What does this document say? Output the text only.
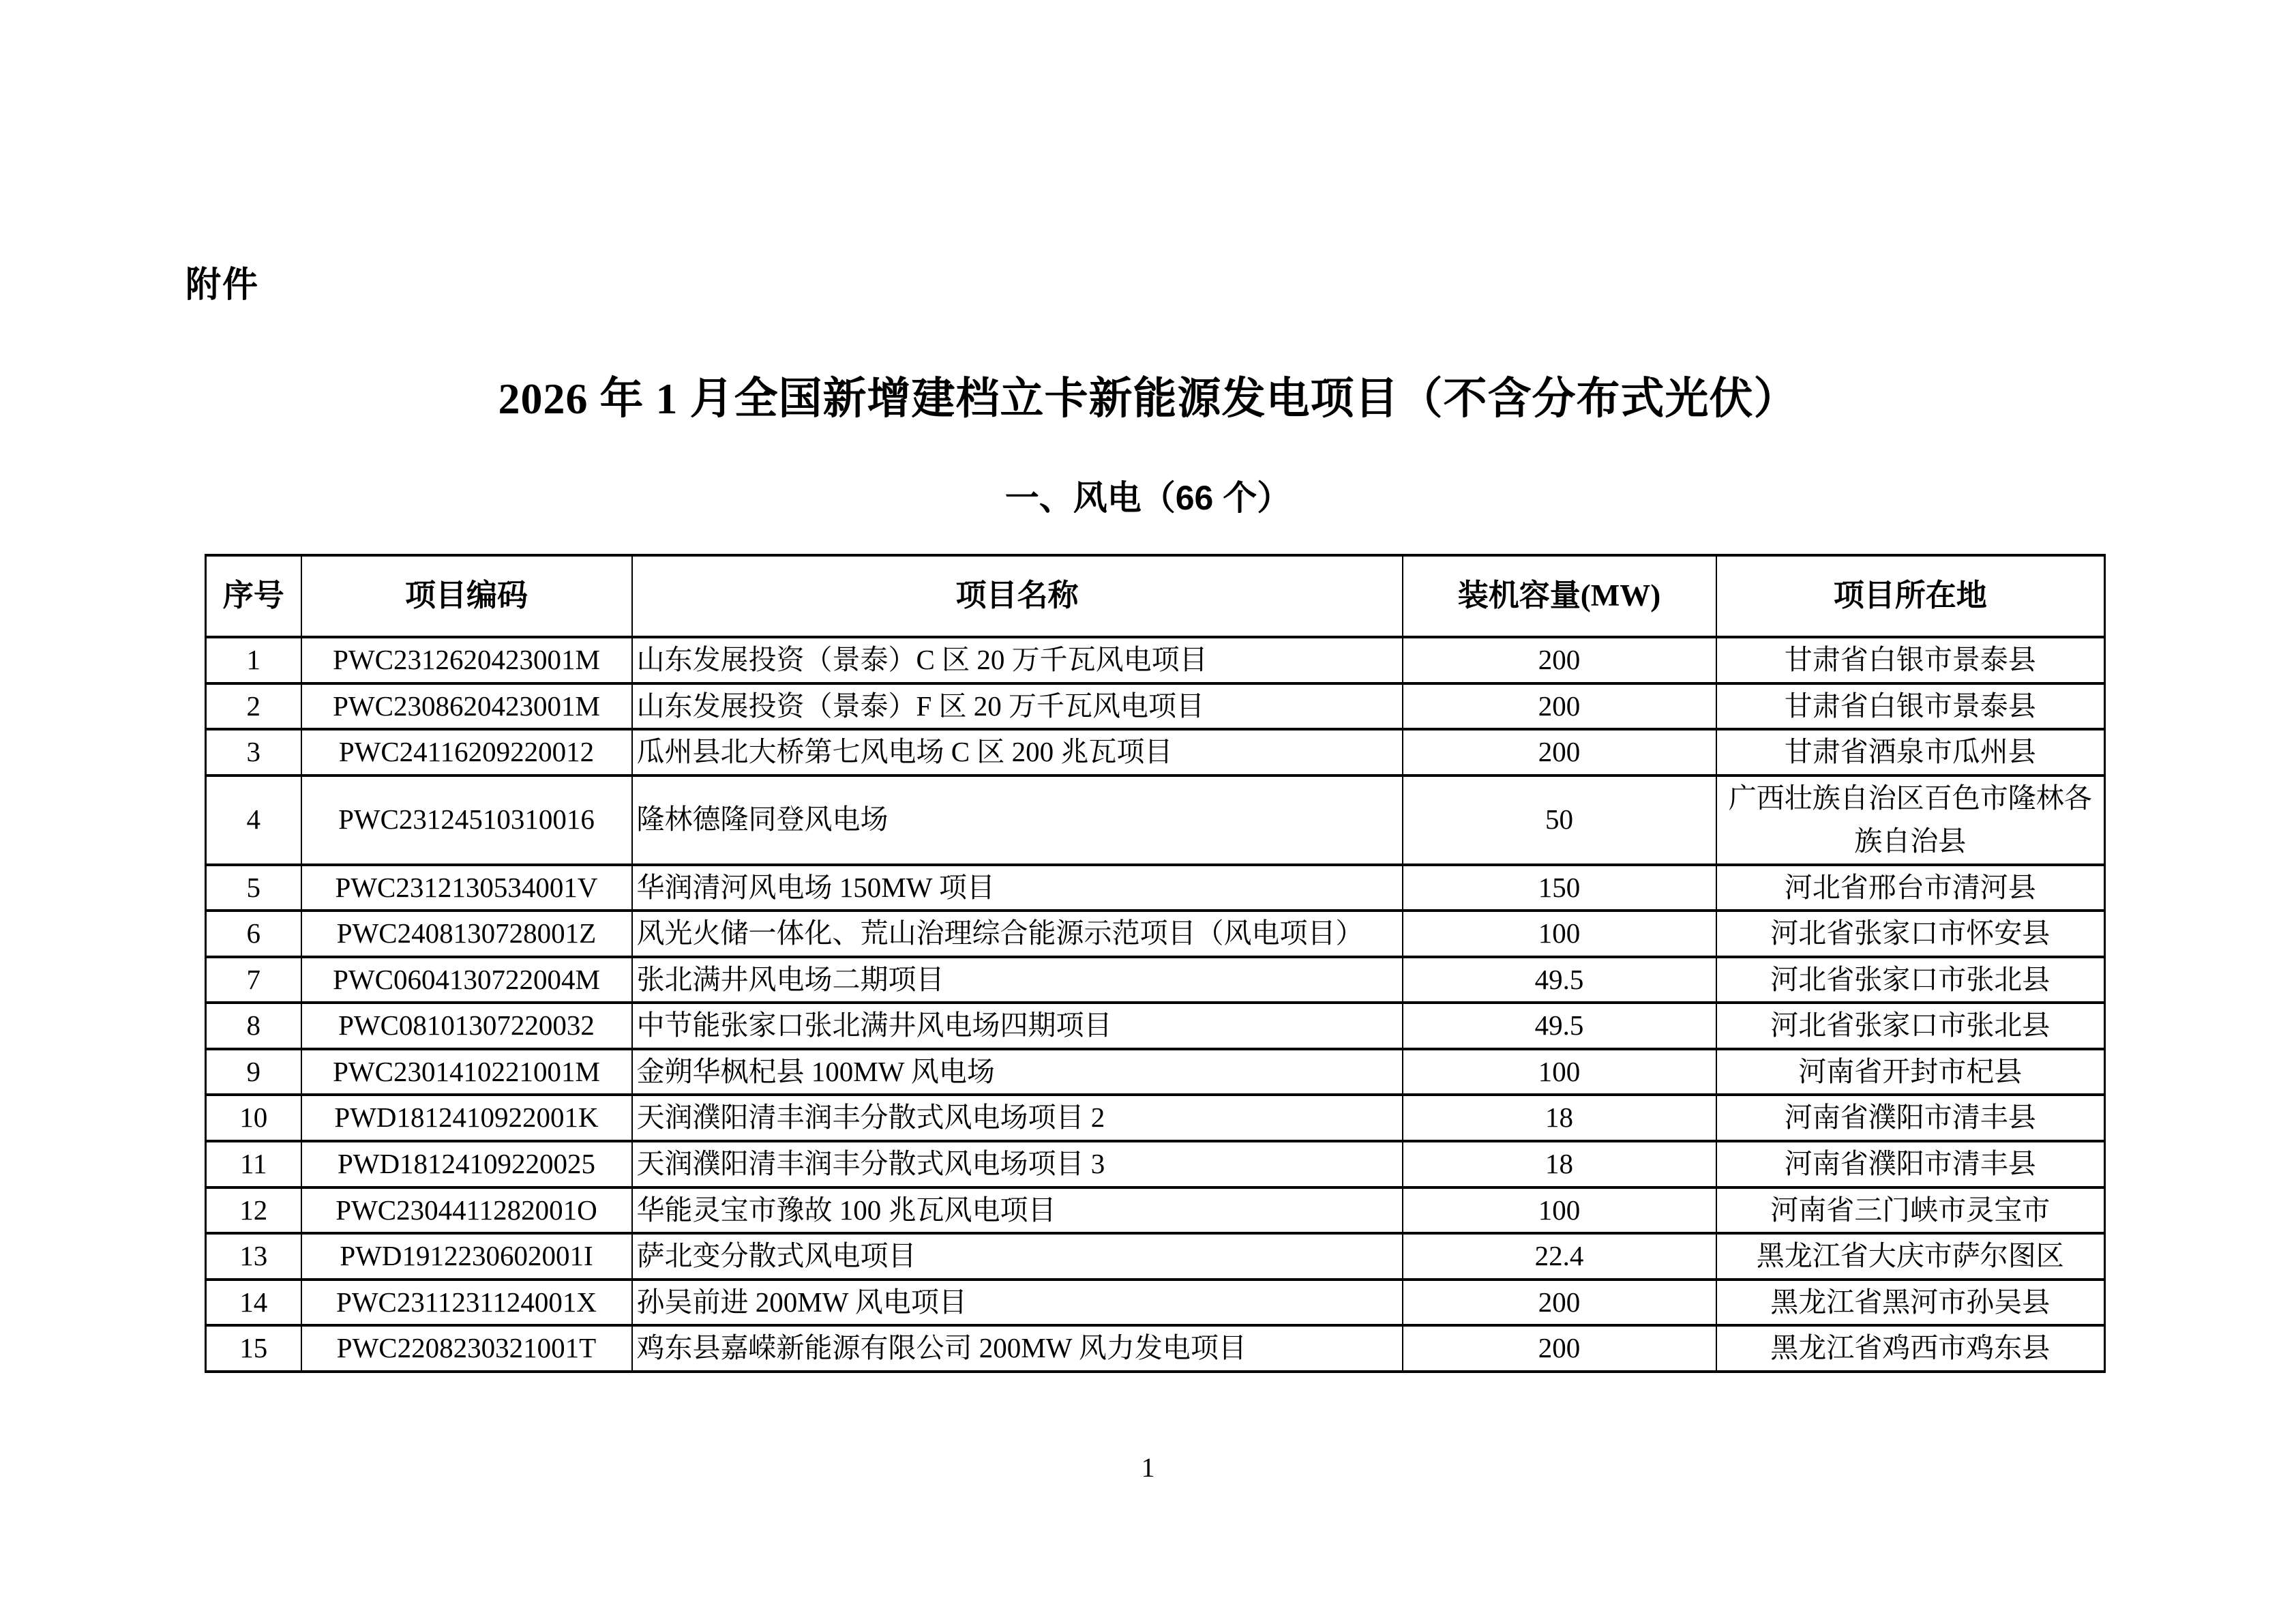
附件
2026 年 1 月全国新增建档立卡新能源发电项目（不含分布式光伏）
一、风电（66 个）
序号	项目编码	项目名称	装机容量(MW)	项目所在地
1	PWC2312620423001M	山东发展投资（景泰）C 区 20 万千瓦风电项目	200	甘肃省白银市景泰县
2	PWC2308620423001M	山东发展投资（景泰）F 区 20 万千瓦风电项目	200	甘肃省白银市景泰县
3	PWC24116209220012	瓜州县北大桥第七风电场 C 区 200 兆瓦项目	200	甘肃省酒泉市瓜州县
4	PWC23124510310016	隆林德隆同登风电场	50	广西壮族自治区百色市隆林各族自治县
5	PWC2312130534001V	华润清河风电场 150MW 项目	150	河北省邢台市清河县
6	PWC2408130728001Z	风光火储一体化、荒山治理综合能源示范项目（风电项目）	100	河北省张家口市怀安县
7	PWC0604130722004M	张北满井风电场二期项目	49.5	河北省张家口市张北县
8	PWC08101307220032	中节能张家口张北满井风电场四期项目	49.5	河北省张家口市张北县
9	PWC2301410221001M	金朔华枫杞县 100MW 风电场	100	河南省开封市杞县
10	PWD1812410922001K	天润濮阳清丰润丰分散式风电场项目 2	18	河南省濮阳市清丰县
11	PWD18124109220025	天润濮阳清丰润丰分散式风电场项目 3	18	河南省濮阳市清丰县
12	PWC2304411282001O	华能灵宝市豫故 100 兆瓦风电项目	100	河南省三门峡市灵宝市
13	PWD1912230602001I	萨北变分散式风电项目	22.4	黑龙江省大庆市萨尔图区
14	PWC2311231124001X	孙吴前进 200MW 风电项目	200	黑龙江省黑河市孙吴县
15	PWC2208230321001T	鸡东县嘉嵘新能源有限公司 200MW 风力发电项目	200	黑龙江省鸡西市鸡东县
1
